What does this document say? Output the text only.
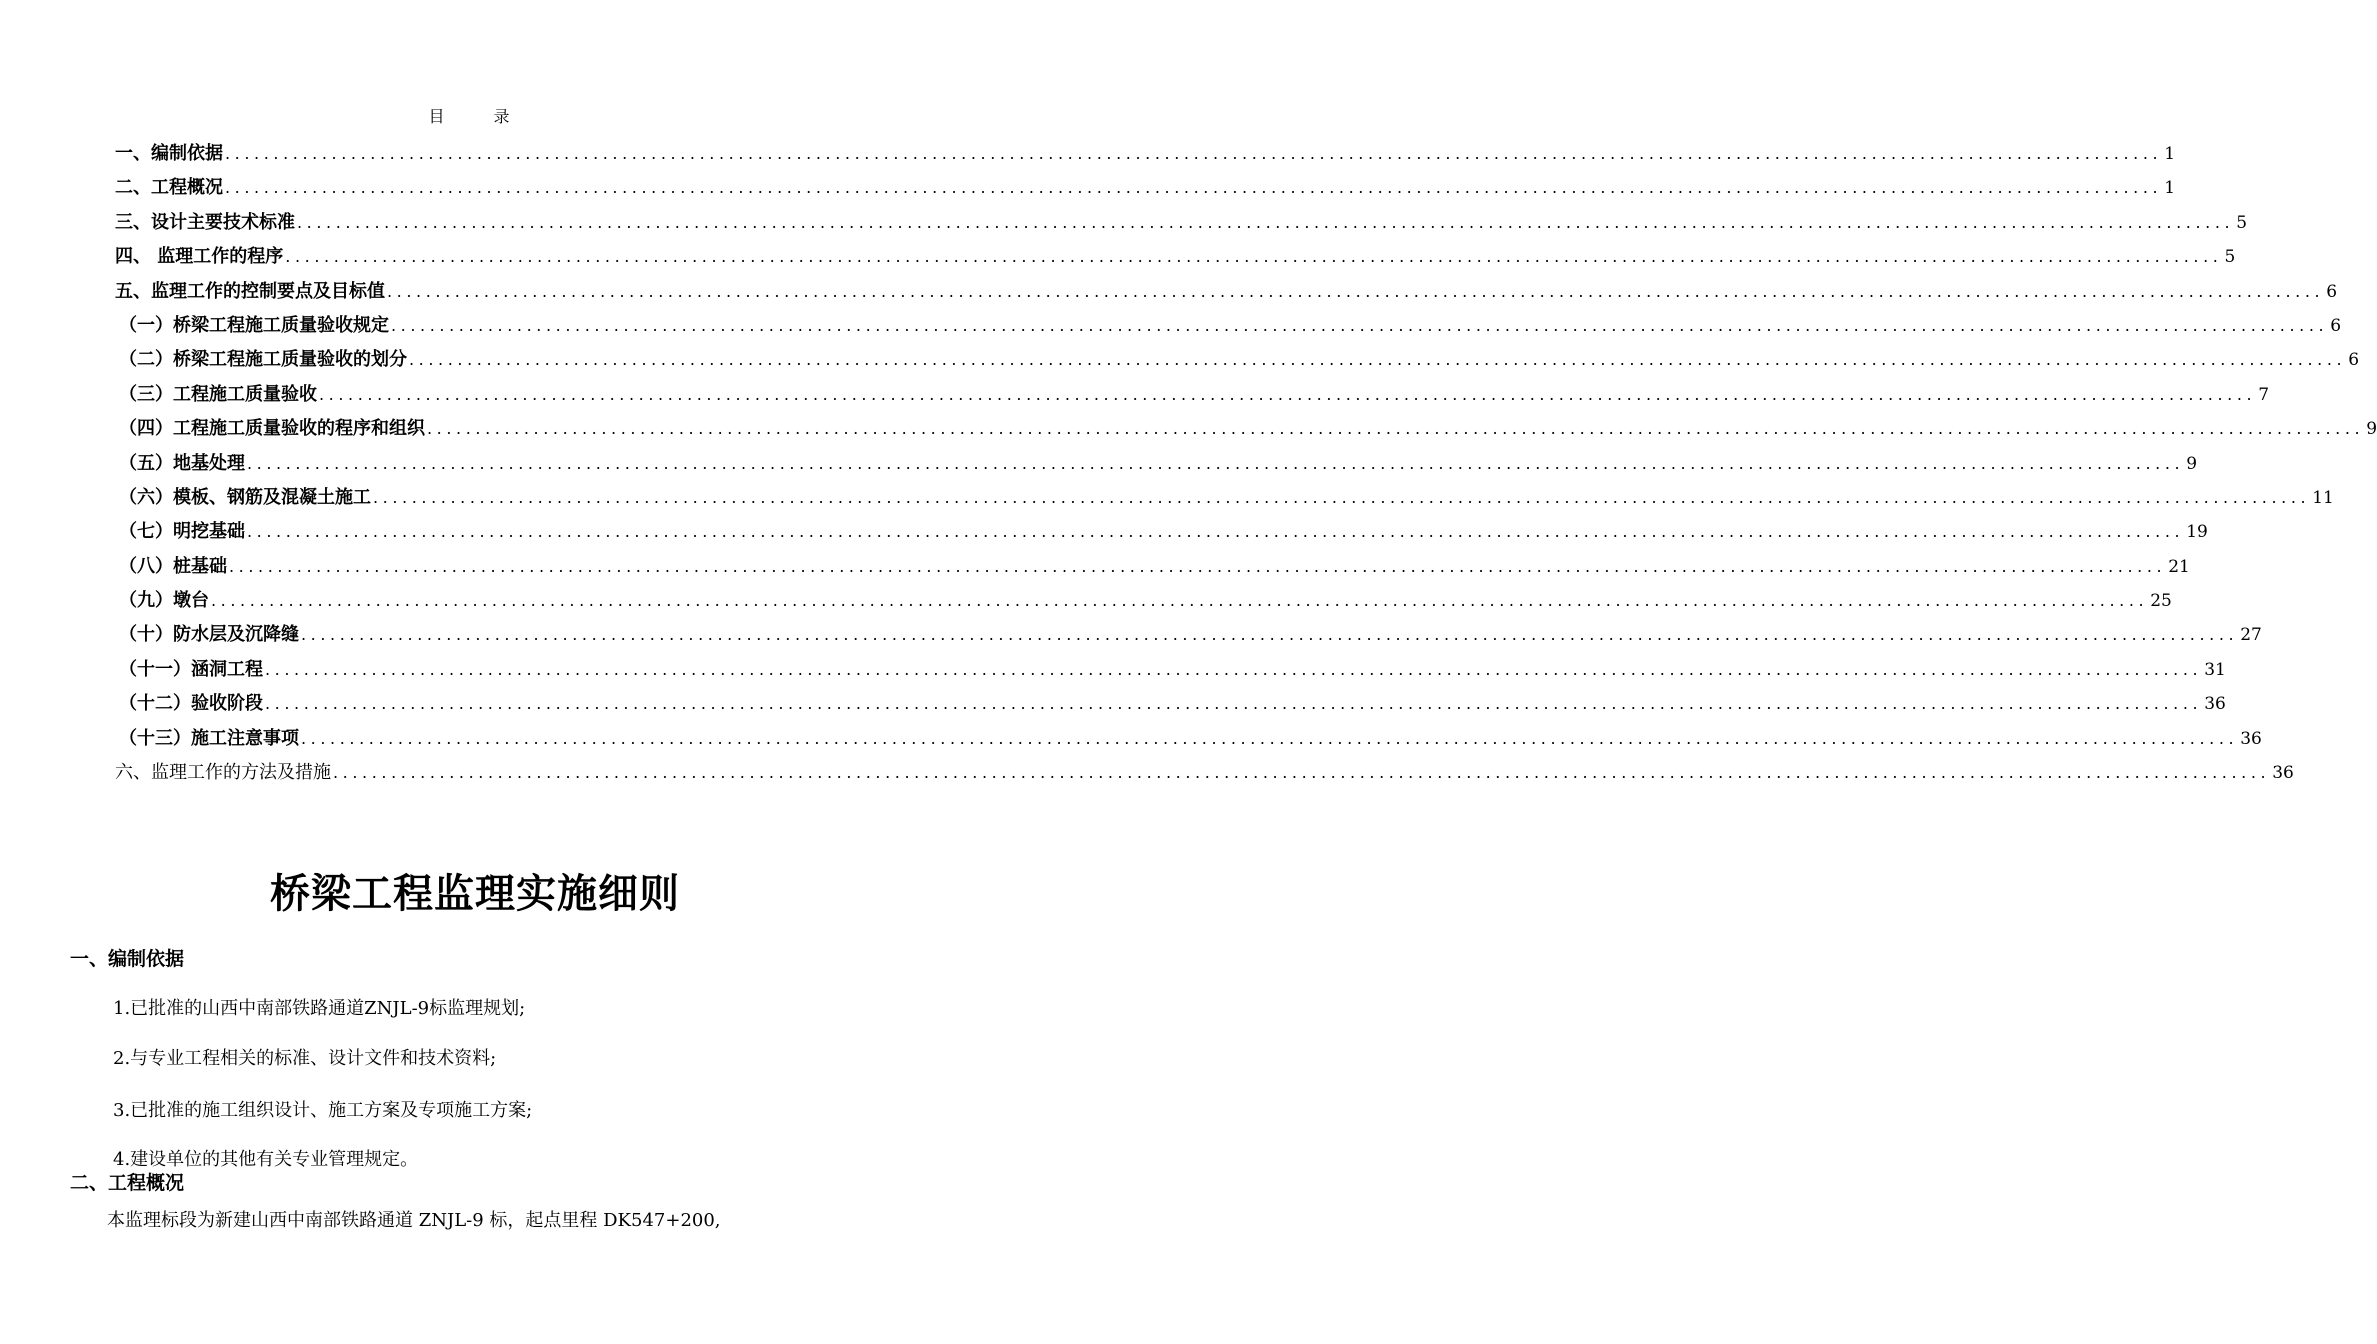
目 录
一、编制依据 ........................................................................................................................................................................................................ 1
二、工程概况 ........................................................................................................................................................................................................ 1
三、设计主要技术标准 ........................................................................................................................................................................................................ 5
四、 监理工作的程序 ........................................................................................................................................................................................................ 5
五、监理工作的控制要点及目标值 ........................................................................................................................................................................................................ 6
（一）桥梁工程施工质量验收规定 ........................................................................................................................................................................................................ 6
（二）桥梁工程施工质量验收的划分 ........................................................................................................................................................................................................ 6
（三）工程施工质量验收 ........................................................................................................................................................................................................ 7
（四）工程施工质量验收的程序和组织 ........................................................................................................................................................................................................ 9
（五）地基处理 ........................................................................................................................................................................................................ 9
（六）模板、钢筋及混凝土施工 ........................................................................................................................................................................................................ 11
（七）明挖基础 ........................................................................................................................................................................................................ 19
（八）桩基础 ........................................................................................................................................................................................................ 21
（九）墩台 ........................................................................................................................................................................................................ 25
（十）防水层及沉降缝 ........................................................................................................................................................................................................ 27
（十一）涵洞工程 ........................................................................................................................................................................................................ 31
（十二）验收阶段 ........................................................................................................................................................................................................ 36
（十三）施工注意事项 ........................................................................................................................................................................................................ 36
六、监理工作的方法及措施 ........................................................................................................................................................................................................ 36
桥梁工程监理实施细则
一、编制依据
1.已批准的山西中南部铁路通道ZNJL-9标监理规划;
2.与专业工程相关的标准、设计文件和技术资料;
3.已批准的施工组织设计、施工方案及专项施工方案;
4.建设单位的其他有关专业管理规定。
二、工程概况
本监理标段为新建山西中南部铁路通道 ZNJL-9 标，起点里程 DK547+200,
